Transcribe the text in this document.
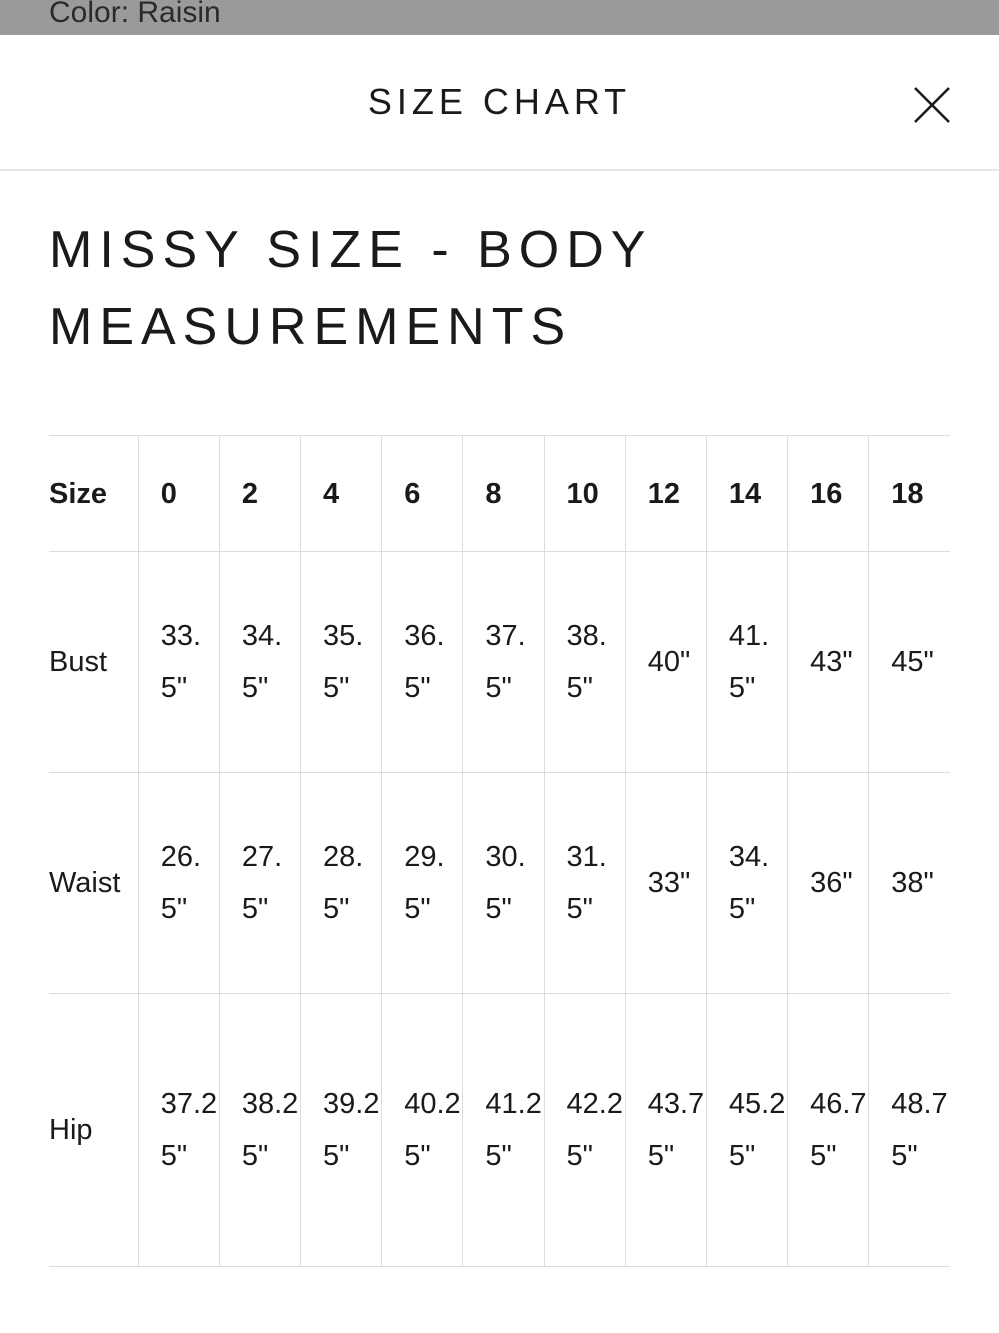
Color: Raisin
SIZE CHART
MISSY SIZE - BODY MEASUREMENTS
Size	0	2	4	6	8	10	12	14	16	18
Bust	33.5"	34.5"	35.5"	36.5"	37.5"	38.5"	40"	41.5"	43"	45"
Waist	26.5"	27.5"	28.5"	29.5"	30.5"	31.5"	33"	34.5"	36"	38"
Hip	37.25"	38.25"	39.25"	40.25"	41.25"	42.25"	43.75"	45.25"	46.75"	48.75"
